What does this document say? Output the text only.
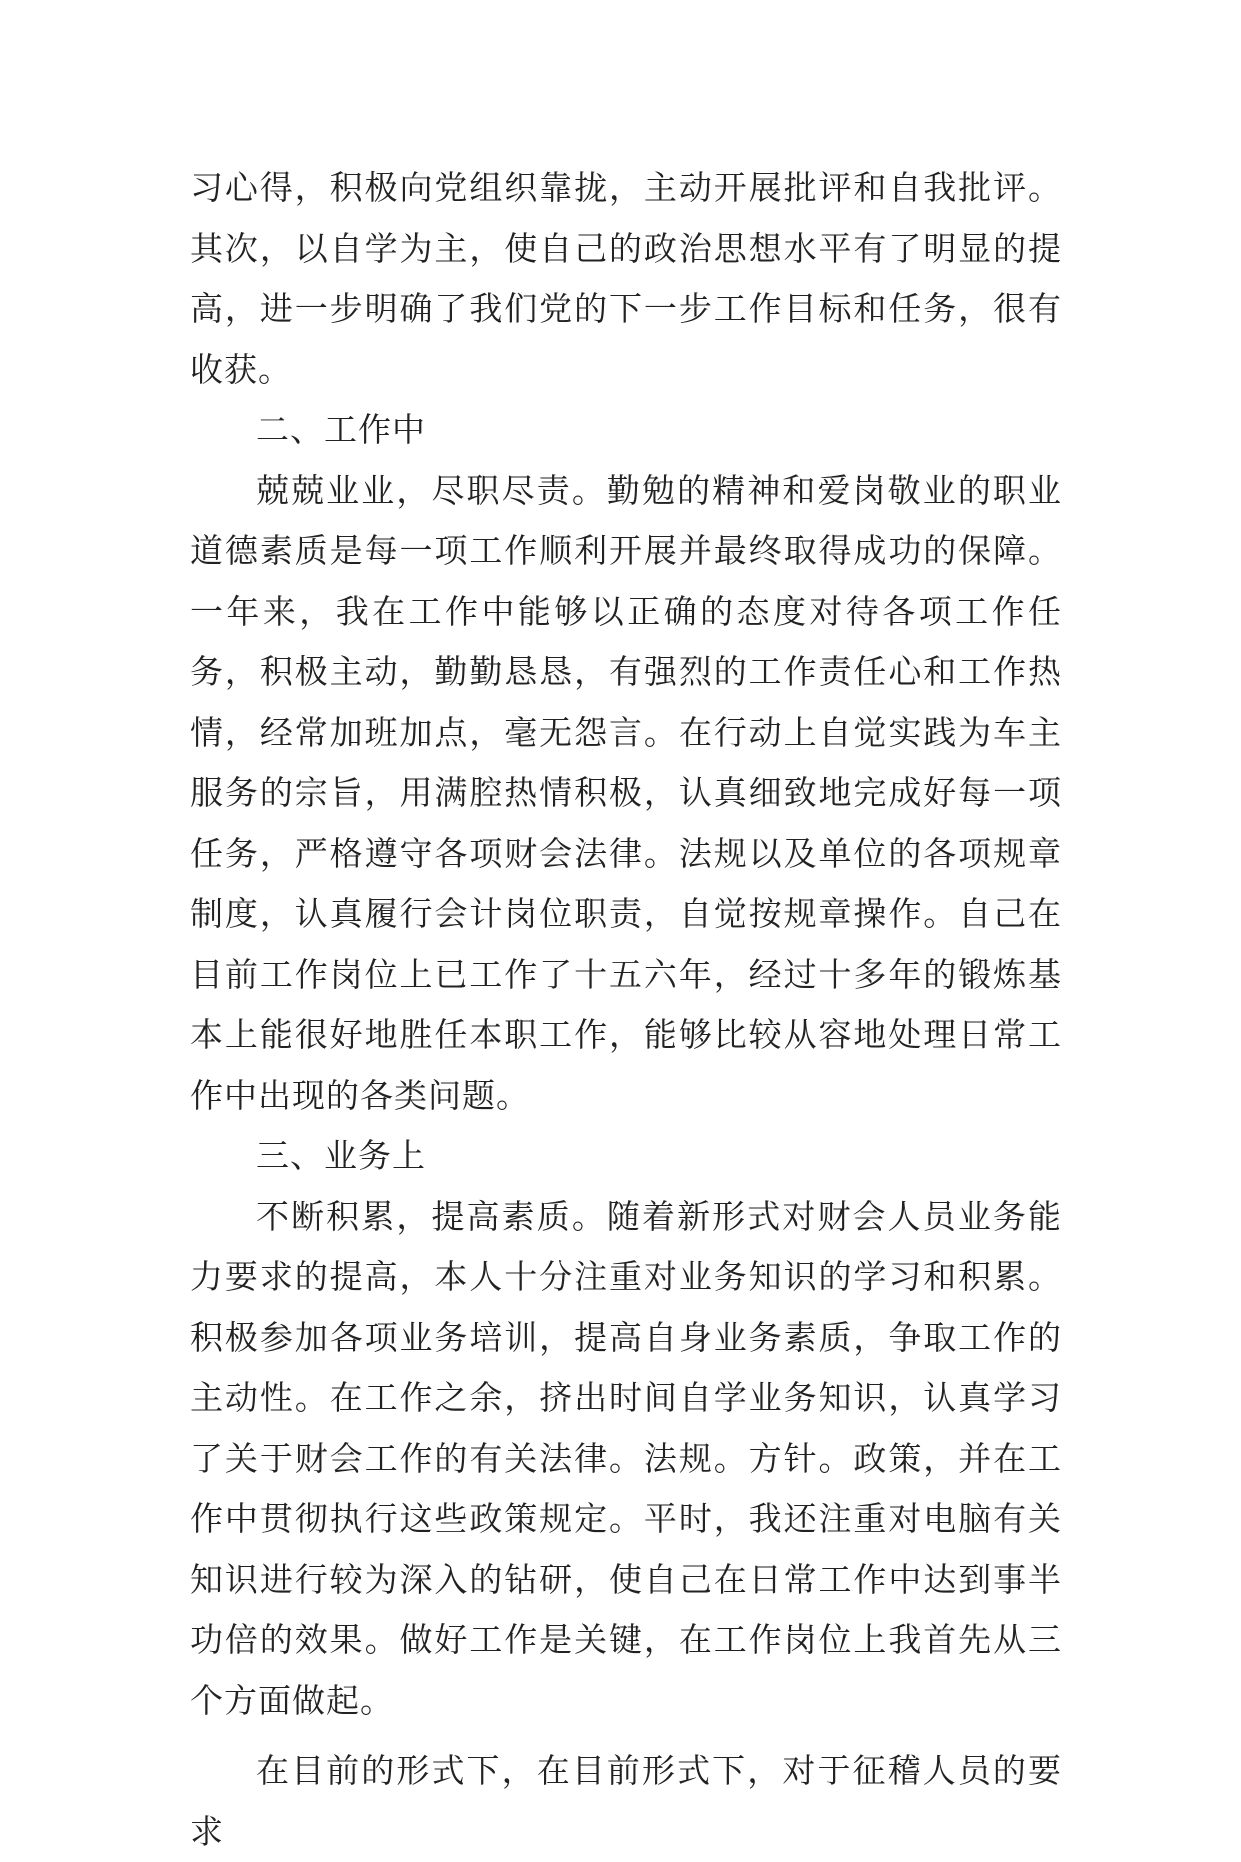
习心得，积极向党组织靠拢，主动开展批评和自我批评。其次，以自学为主，使自己的政治思想水平有了明显的提高，进一步明确了我们党的下一步工作目标和任务，很有收获。

二、工作中

兢兢业业，尽职尽责。勤勉的精神和爱岗敬业的职业道德素质是每一项工作顺利开展并最终取得成功的保障。一年来，我在工作中能够以正确的态度对待各项工作任务，积极主动，勤勤恳恳，有强烈的工作责任心和工作热情，经常加班加点，毫无怨言。在行动上自觉实践为车主服务的宗旨，用满腔热情积极，认真细致地完成好每一项任务，严格遵守各项财会法律。法规以及单位的各项规章制度，认真履行会计岗位职责，自觉按规章操作。自己在目前工作岗位上已工作了十五六年，经过十多年的锻炼基本上能很好地胜任本职工作，能够比较从容地处理日常工作中出现的各类问题。

三、业务上

不断积累，提高素质。随着新形式对财会人员业务能力要求的提高，本人十分注重对业务知识的学习和积累。积极参加各项业务培训，提高自身业务素质，争取工作的主动性。在工作之余，挤出时间自学业务知识，认真学习了关于财会工作的有关法律。法规。方针。政策，并在工作中贯彻执行这些政策规定。平时，我还注重对电脑有关知识进行较为深入的钻研，使自己在日常工作中达到事半功倍的效果。做好工作是关键，在工作岗位上我首先从三个方面做起。

在目前的形式下，在目前形式下，对于征稽人员的要求
